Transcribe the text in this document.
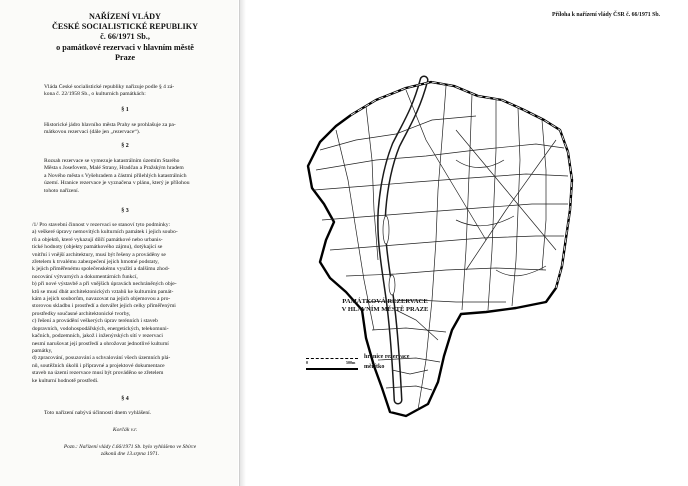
NAŘÍZENÍ VLÁDY
ČESKÉ SOCIALISTICKÉ REPUBLIKY
č. 66/1971 Sb.,
o památkové rezervaci v hlavním městě
Praze
Vláda České socialistické republiky nařizuje podle § 4 zá-
kona č. 22/1958 Sb., o kulturních památkách:
§ 1
Historické jádro hlavního města Prahy se prohlašuje za pa-
mátkovou rezervaci (dále jen „rezervace“).
§ 2
Rozsah rezervace se vymezuje katastrálním územím Starého
Města s Josefovem, Malé Strany, Hradčan a Pražským hradem
a Nového města s Vyšehradem a částmi přilehlých katastrálních
území. Hranice rezervace je vyznačena v plánu, který je přílohou
tohoto nařízení.
§ 3
/1/ Pro stavební činnost v rezervaci se stanoví tyto podmínky:
a) veškeré úpravy nemovitých kulturních památek i jejich soubo-
rů a objektů, které vykazují dílčí památkové nebo urbanis-
tické hodnoty (objekty památkového zájmu), dotýkající se
vnitřní i vnější architektury, musí být řešeny a prováděny se
zřetelem k trvalému zabezpečení jejich hmotné podstaty,
k jejich přiměřenému společenskému využití a dalšímu zhod-
nocování výtvarných a dokumentárních funkcí,
b) při nové výstavbě a při vnějších úpravách nechráněných obje-
ktů se musí dbát architektonických vztahů ke kulturním památ-
kám a jejich souborům, navazovat na jejich objemovou a pro-
storovou skladbu i prostředí a dotvářet jejich celky přiměřenými
prostředky současné architektonické tvorby,
c) řešení a provádění veškerých úprav terénních i staveb
dopravních, vodohospodářských, energetických, telekomuni-
kačních, podzemních, jakož i inženýrských sítí v rezervaci
nesmí narušovat její prostředí a ohrožovat jednotlivé kulturní
památky,
d) zpracování, posuzování a schvalování všech územních plá-
nů, soutěžních úkolů i přípravné a projektové dokumentace
staveb na území rezervace musí být prováděno se zřetelem
ke kulturní hodnotě prostředí.
§ 4
Toto nařízení nabývá účinnosti dnem vyhlášení.
Korčák v.r.
Pozn.: Nařízení vlády č.66/1971 Sb. bylo vyhlášeno ve Sbírce
zákonů dne 13.srpna 1971.
Příloha k nařízení vlády ČSR č. 66/1971 Sb.
PAMÁTKOVÁ REZERVACE
V HLAVNÍM MĚSTĚ PRAZE
hranice rezervace
0	500m
měřítko
